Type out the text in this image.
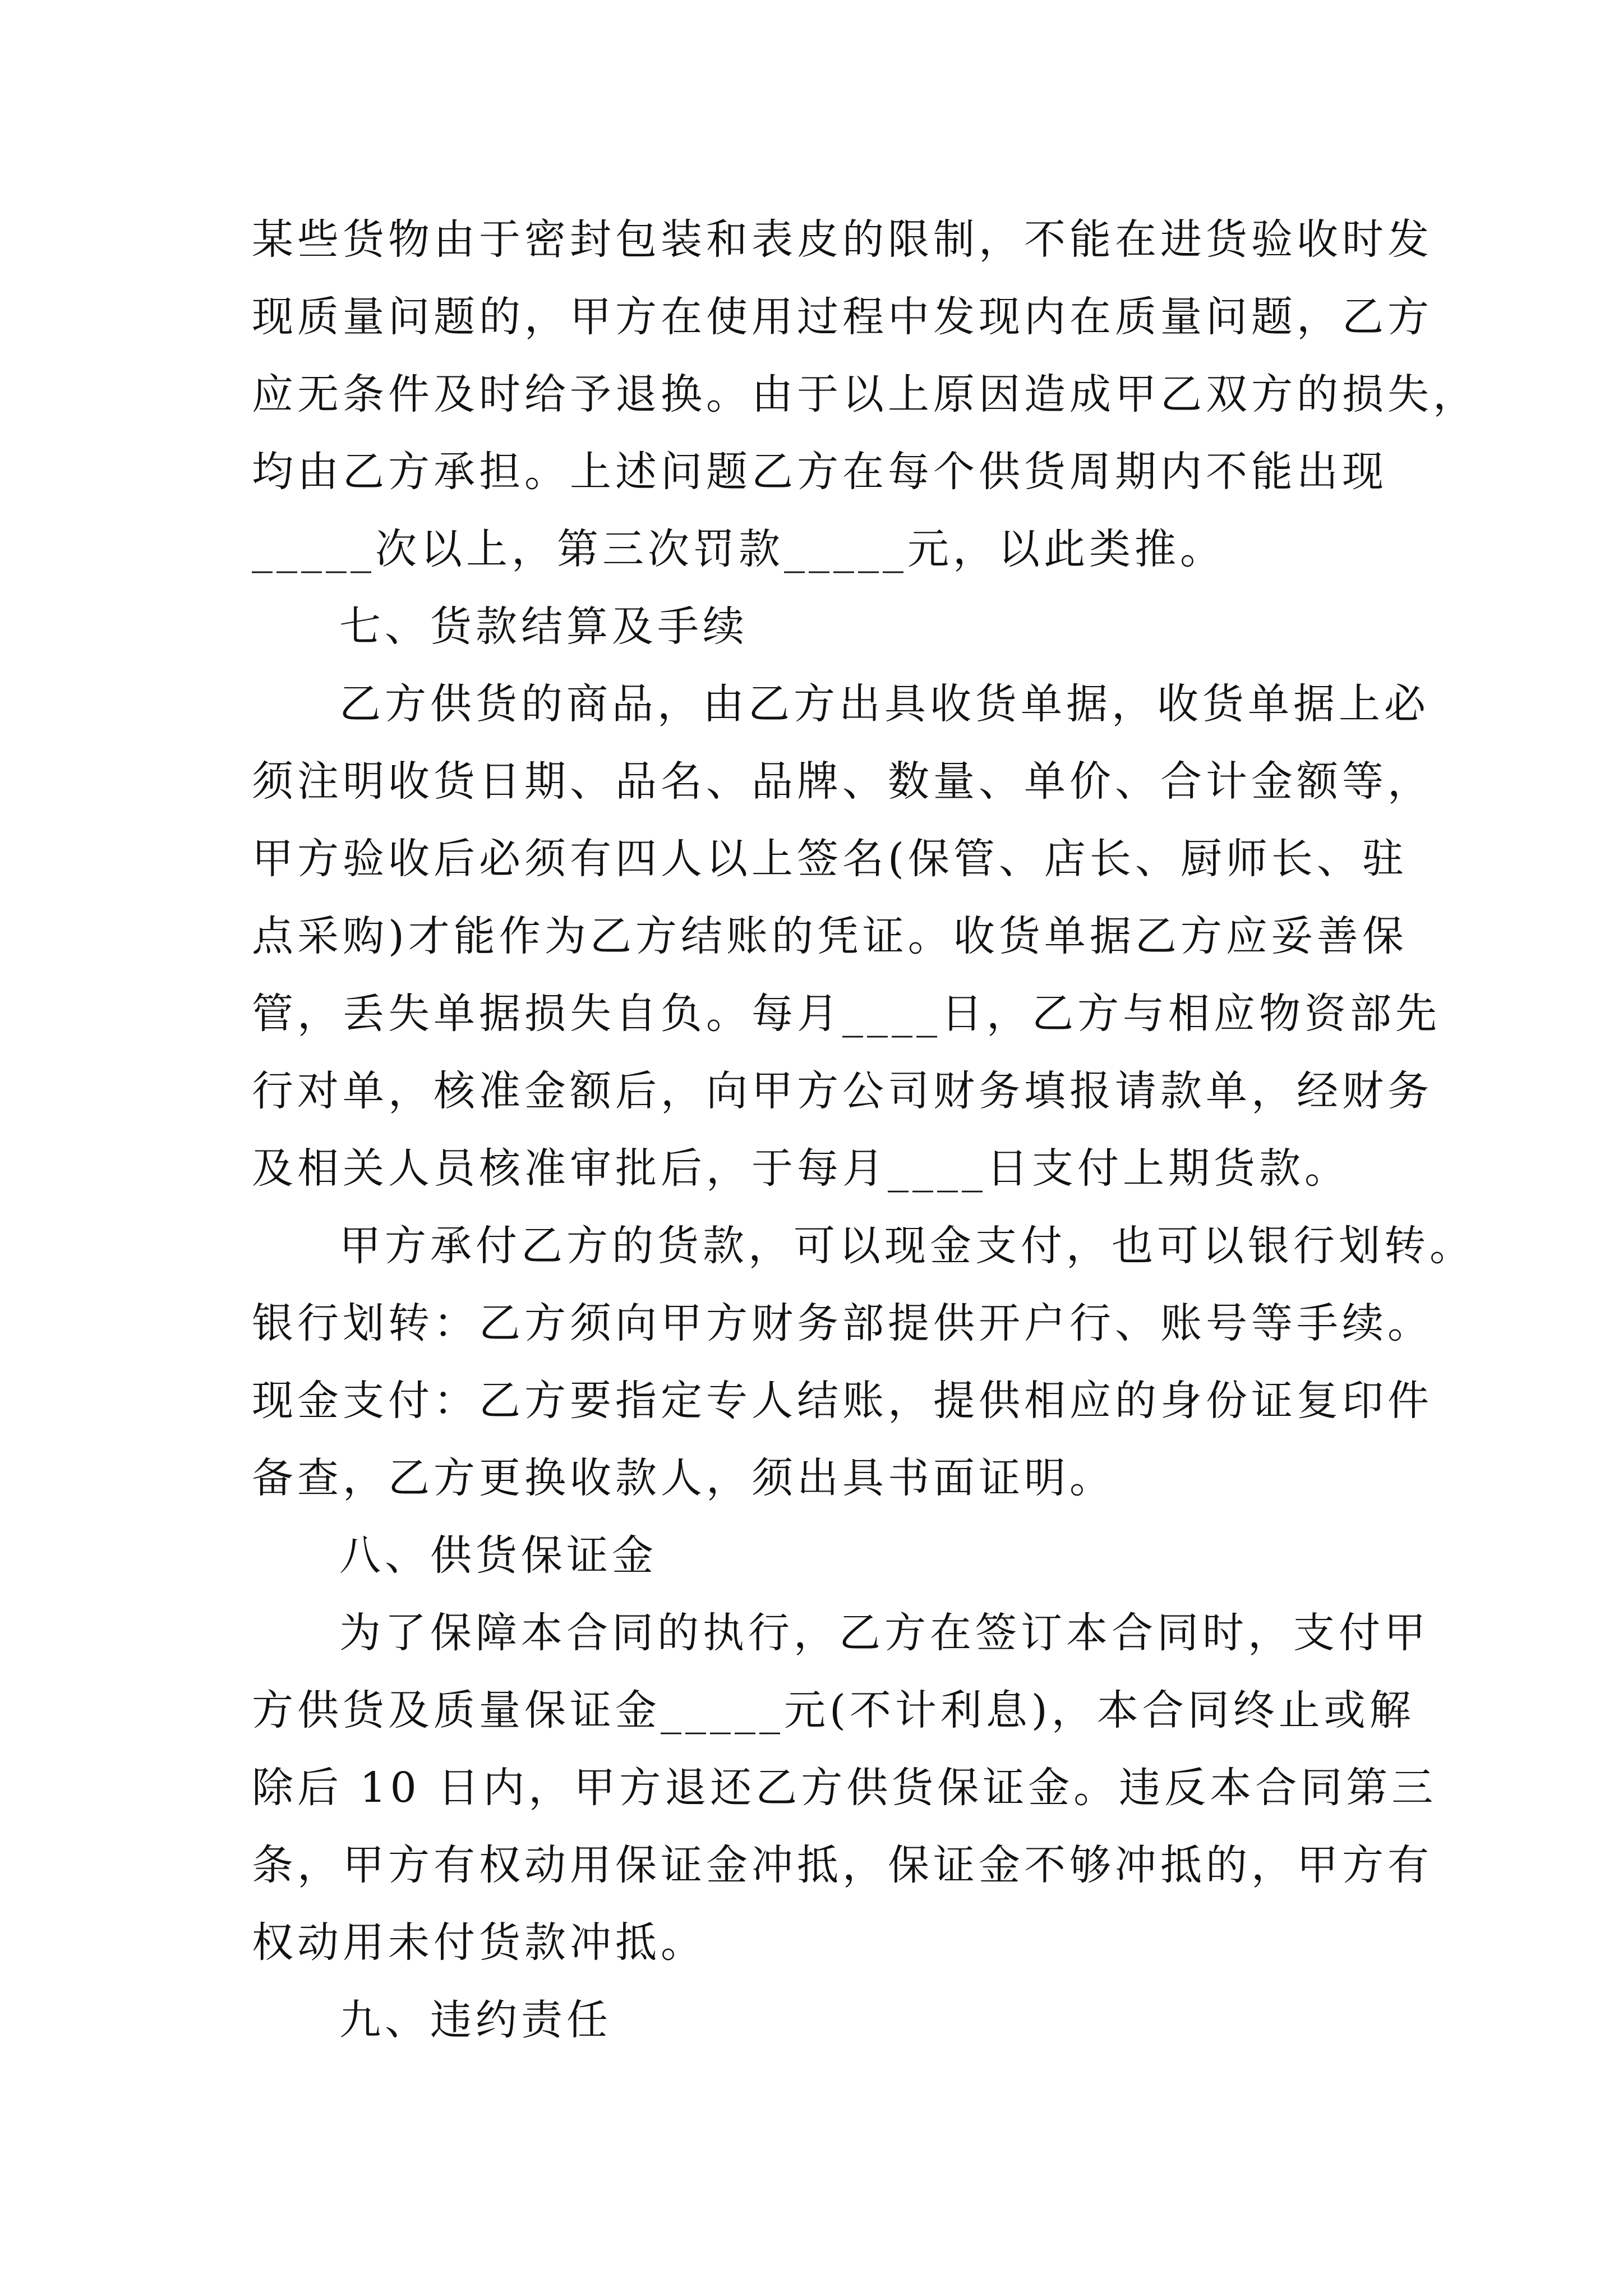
某些货物由于密封包装和表皮的限制，不能在进货验收时发
现质量问题的，甲方在使用过程中发现内在质量问题，乙方
应无条件及时给予退换。由于以上原因造成甲乙双方的损失，
均由乙方承担。上述问题乙方在每个供货周期内不能出现
_____次以上，第三次罚款_____元，以此类推。
七、货款结算及手续
乙方供货的商品，由乙方出具收货单据，收货单据上必
须注明收货日期、品名、品牌、数量、单价、合计金额等，
甲方验收后必须有四人以上签名(保管、店长、厨师长、驻
点采购)才能作为乙方结账的凭证。收货单据乙方应妥善保
管，丢失单据损失自负。每月____日，乙方与相应物资部先
行对单，核准金额后，向甲方公司财务填报请款单，经财务
及相关人员核准审批后，于每月____日支付上期货款。
甲方承付乙方的货款，可以现金支付，也可以银行划转。
银行划转：乙方须向甲方财务部提供开户行、账号等手续。
现金支付：乙方要指定专人结账，提供相应的身份证复印件
备查，乙方更换收款人，须出具书面证明。
八、供货保证金
为了保障本合同的执行，乙方在签订本合同时，支付甲
方供货及质量保证金_____元(不计利息)，本合同终止或解
除后 10 日内，甲方退还乙方供货保证金。违反本合同第三
条，甲方有权动用保证金冲抵，保证金不够冲抵的，甲方有
权动用未付货款冲抵。
九、违约责任
